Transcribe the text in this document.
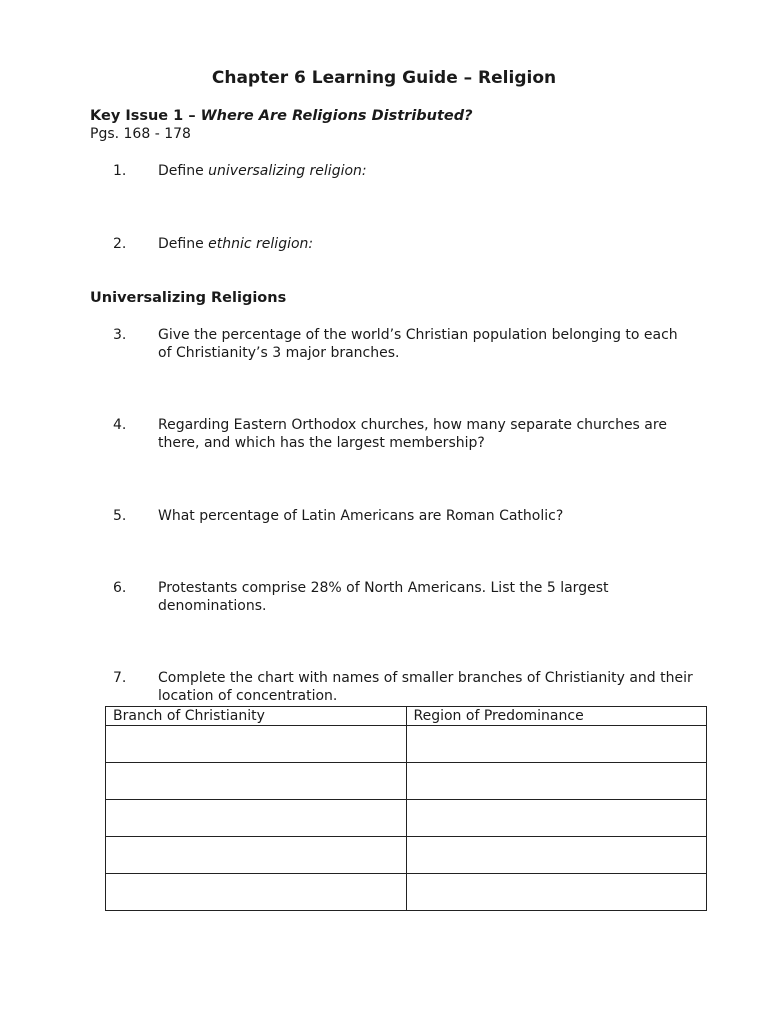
Chapter 6 Learning Guide – Religion
Key Issue 1 – Where Are Religions Distributed?
Pgs. 168 - 178
1. Define universalizing religion:
2. Define ethnic religion:
Universalizing Religions
3. Give the percentage of the world’s Christian population belonging to each of Christianity’s 3 major branches.
4. Regarding Eastern Orthodox churches, how many separate churches are there, and which has the largest membership?
5. What percentage of Latin Americans are Roman Catholic?
6. Protestants comprise 28% of North Americans. List the 5 largest denominations.
7. Complete the chart with names of smaller branches of Christianity and their location of concentration.
Branch of Christianity	Region of Predominance
